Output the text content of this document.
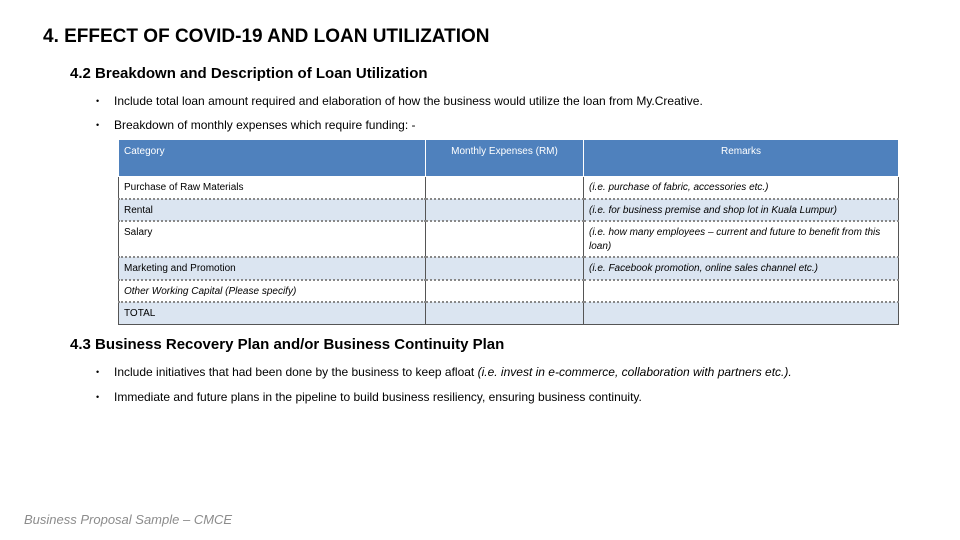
4. EFFECT OF COVID-19 AND LOAN UTILIZATION
4.2 Breakdown and Description of Loan Utilization
• Include total loan amount required and elaboration of how the business would utilize the loan from My.Creative.
• Breakdown of monthly expenses which require funding: -
Category	Monthly Expenses (RM)	Remarks
Purchase of Raw Materials		(i.e. purchase of fabric, accessories etc.)
Rental		(i.e. for business premise and shop lot in Kuala Lumpur)
Salary		(i.e. how many employees – current and future to benefit from this loan)
Marketing and Promotion		(i.e. Facebook promotion, online sales channel etc.)
Other Working Capital (Please specify)		
TOTAL		
4.3 Business Recovery Plan and/or Business Continuity Plan
• Include initiatives that had been done by the business to keep afloat (i.e. invest in e-commerce, collaboration with partners etc.).
• Immediate and future plans in the pipeline to build business resiliency, ensuring business continuity.
Business Proposal Sample – CMCE
